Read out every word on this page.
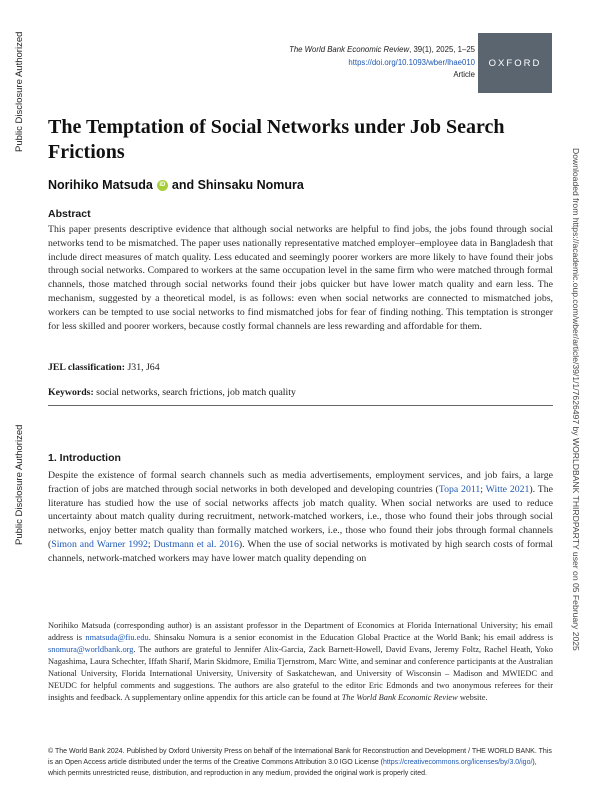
Public Disclosure Authorized
Public Disclosure Authorized	Downloaded from https://academic.oup.com/wber/article/39/1/1/7626497 by WORLDBANK THIRDPARTY user on 05 February 2025
The World Bank Economic Review, 39(1), 2025, 1–25
https://doi.org/10.1093/wber/lhae010
Article
OXFORD
The Temptation of Social Networks under Job Search Frictions
Norihiko Matsuda	iD and Shinsaku Nomura
Abstract

This paper presents descriptive evidence that although social networks are helpful to find jobs, the jobs found through social networks tend to be mismatched. The paper uses nationally representative matched employer–employee data in Bangladesh that include direct measures of match quality. Less educated and seemingly poorer workers are more likely to have found their jobs through social networks. Compared to workers at the same occupation level in the same firm who were matched through formal channels, those matched through social networks found their jobs quicker but have lower match quality and earn less. The mechanism, suggested by a theoretical model, is as follows: even when social networks are connected to mismatched jobs, workers can be tempted to use social networks to find mismatched jobs for fear of finding nothing. This temptation is stronger for less skilled and poorer workers, because costly formal channels are less rewarding and affordable for them.

JEL classification: J31, J64
Keywords: social networks, search frictions, job match quality
1. Introduction

Despite the existence of formal search channels such as media advertisements, employment services, and job fairs, a large fraction of jobs are matched through social networks in both developed and developing countries (Topa 2011; Witte 2021). The literature has studied how the use of social networks affects job match quality. When social networks are used to reduce uncertainty about match quality during recruitment, network-matched workers, i.e., those who found their jobs through social networks, enjoy better match quality than formally matched workers, i.e., those who found their jobs through formal channels (Simon and Warner 1992; Dustmann et al. 2016). When the use of social networks is motivated by high search costs of formal channels, network-matched workers may have lower match quality depending on

Norihiko Matsuda (corresponding author) is an assistant professor in the Department of Economics at Florida International University; his email address is nmatsuda@fiu.edu. Shinsaku Nomura is a senior economist in the Education Global Practice at the World Bank; his email address is snomura@worldbank.org. The authors are grateful to Jennifer Alix-Garcia, Zack Barnett-Howell, David Evans, Jeremy Foltz, Rachel Heath, Yoko Nagashima, Laura Schechter, Iffath Sharif, Marin Skidmore, Emilia Tjernstrom, Marc Witte, and seminar and conference participants at the Australian National University, Florida International University, University of Saskatchewan, and University of Wisconsin – Madison and MWIEDC and NEUDC for helpful comments and suggestions. The authors are also grateful to the editor Eric Edmonds and two anonymous referees for their insights and feedback. A supplementary online appendix for this article can be found at The World Bank Economic Review website.

© The World Bank 2024. Published by Oxford University Press on behalf of the International Bank for Reconstruction and Development / THE WORLD BANK. This is an Open Access article distributed under the terms of the Creative Commons Attribution 3.0 IGO License (https://creativecommons.org/licenses/by/3.0/igo/), which permits unrestricted reuse, distribution, and reproduction in any medium, provided the original work is properly cited.
